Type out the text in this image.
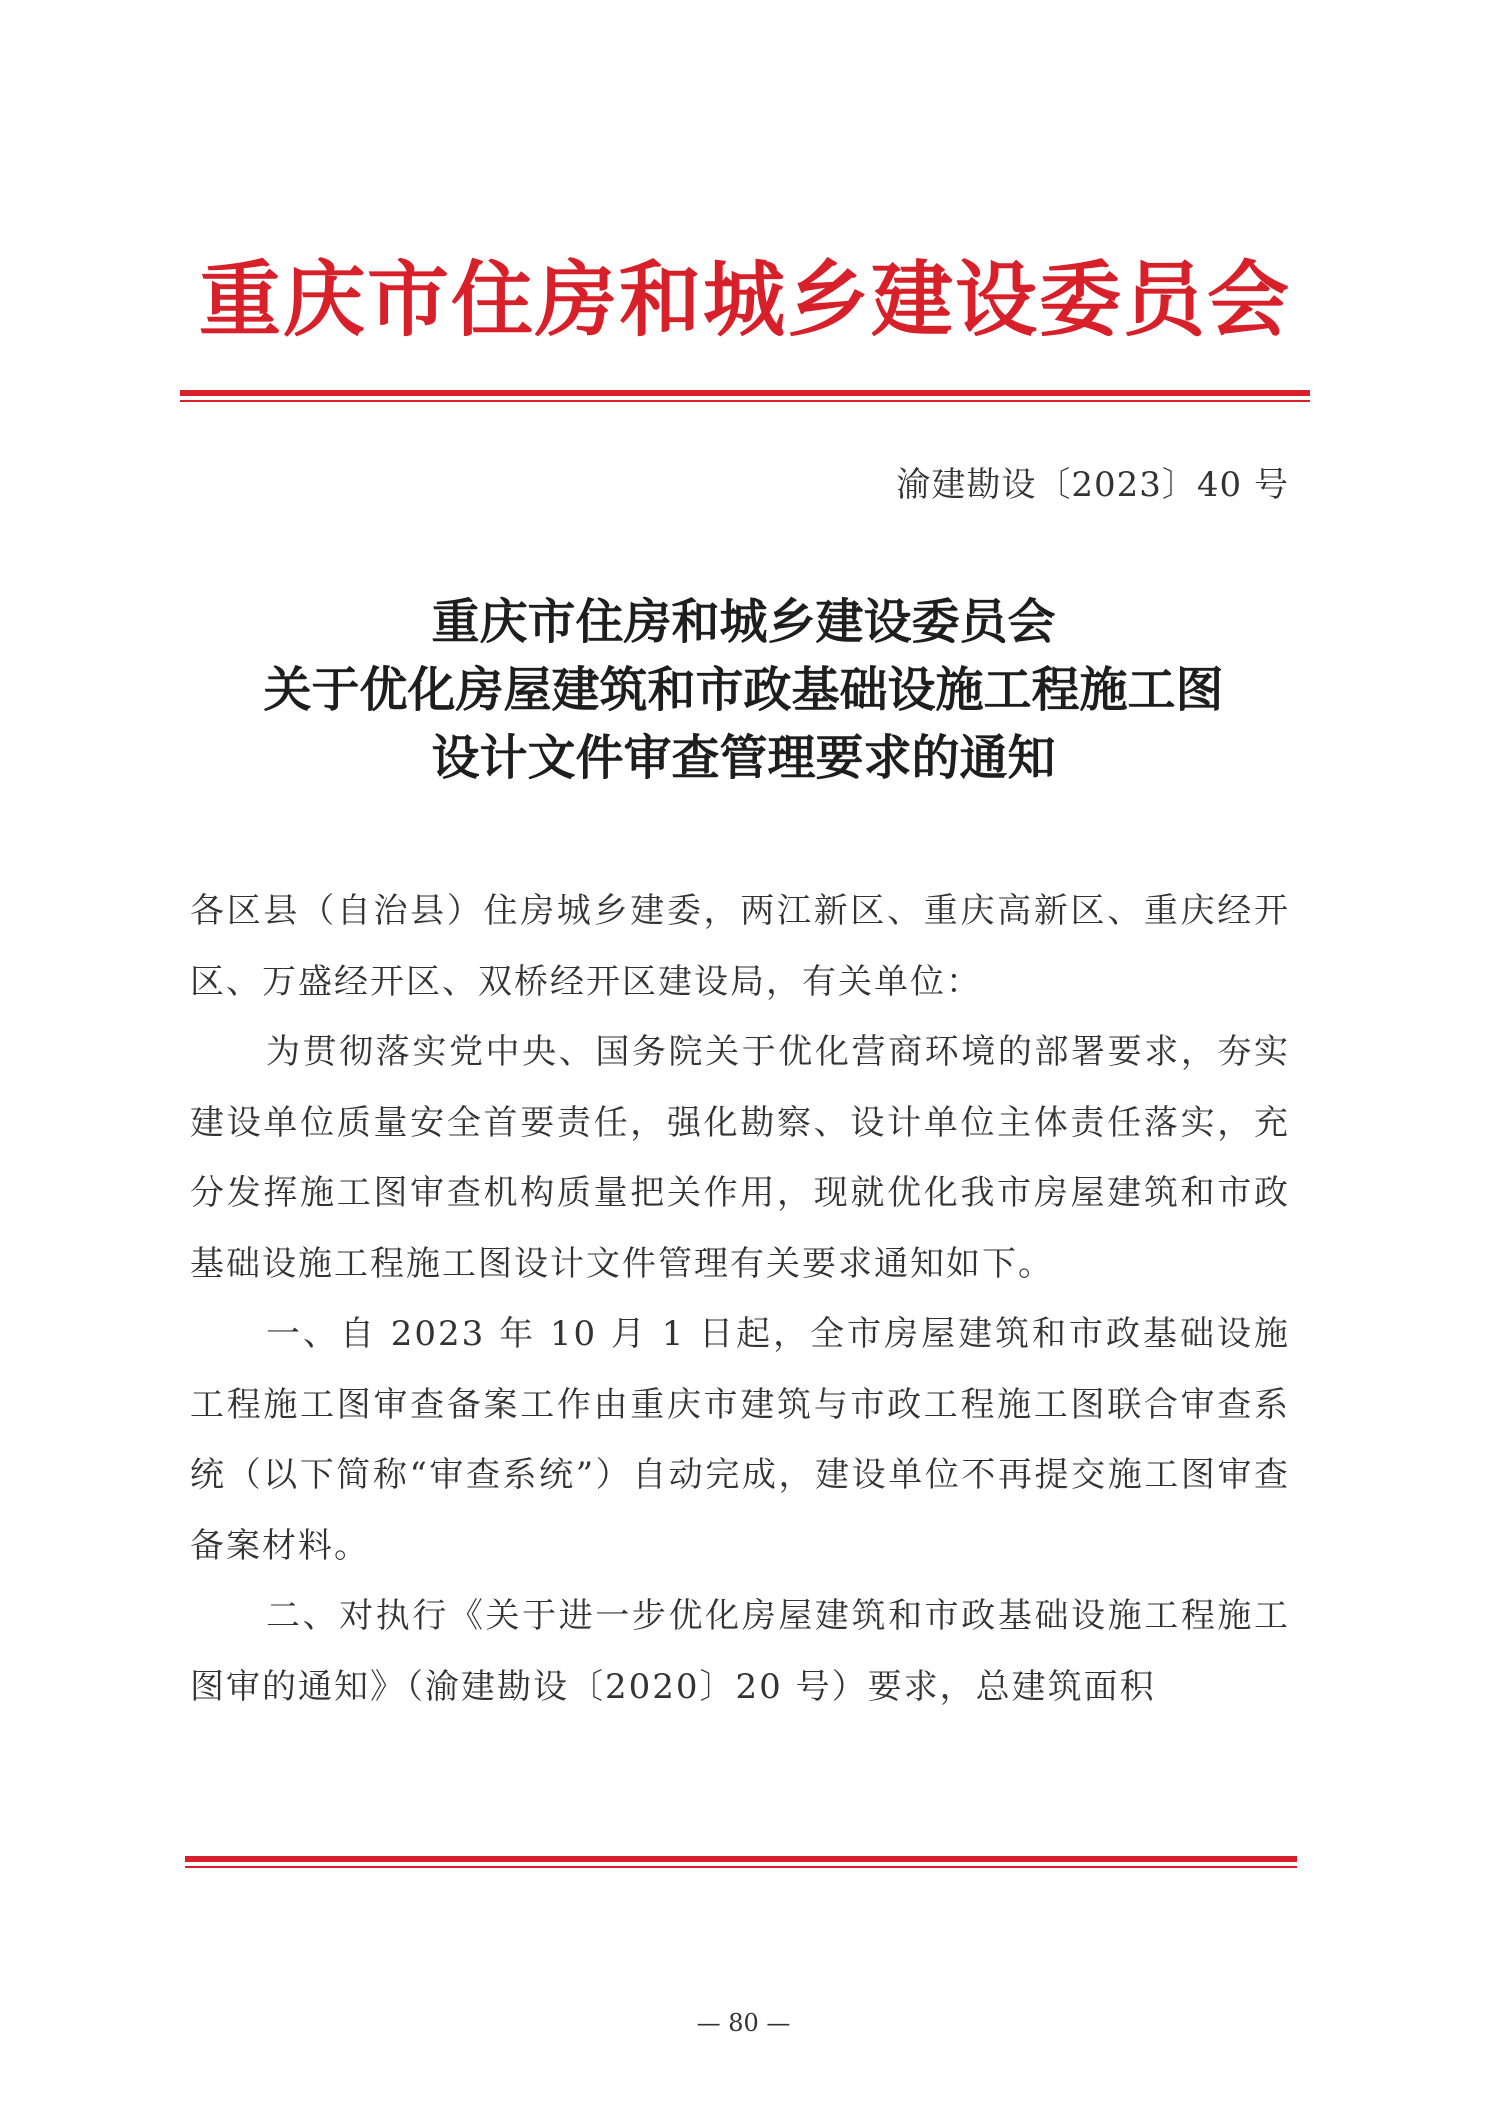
重庆市住房和城乡建设委员会
渝建勘设〔2023〕40 号
重庆市住房和城乡建设委员会
关于优化房屋建筑和市政基础设施工程施工图
设计文件审查管理要求的通知

各区县（自治县）住房城乡建委，两江新区、重庆高新区、重庆经开区、万盛经开区、双桥经开区建设局，有关单位：

为贯彻落实党中央、国务院关于优化营商环境的部署要求，夯实建设单位质量安全首要责任，强化勘察、设计单位主体责任落实，充分发挥施工图审查机构质量把关作用，现就优化我市房屋建筑和市政基础设施工程施工图设计文件管理有关要求通知如下。

一、自 2023 年 10 月 1 日起，全市房屋建筑和市政基础设施工程施工图审查备案工作由重庆市建筑与市政工程施工图联合审查系统（以下简称“审查系统”）自动完成，建设单位不再提交施工图审查备案材料。

二、对执行《关于进一步优化房屋建筑和市政基础设施工程施工图审的通知》（渝建勘设〔2020〕20 号）要求，总建筑面积

— 80 —
